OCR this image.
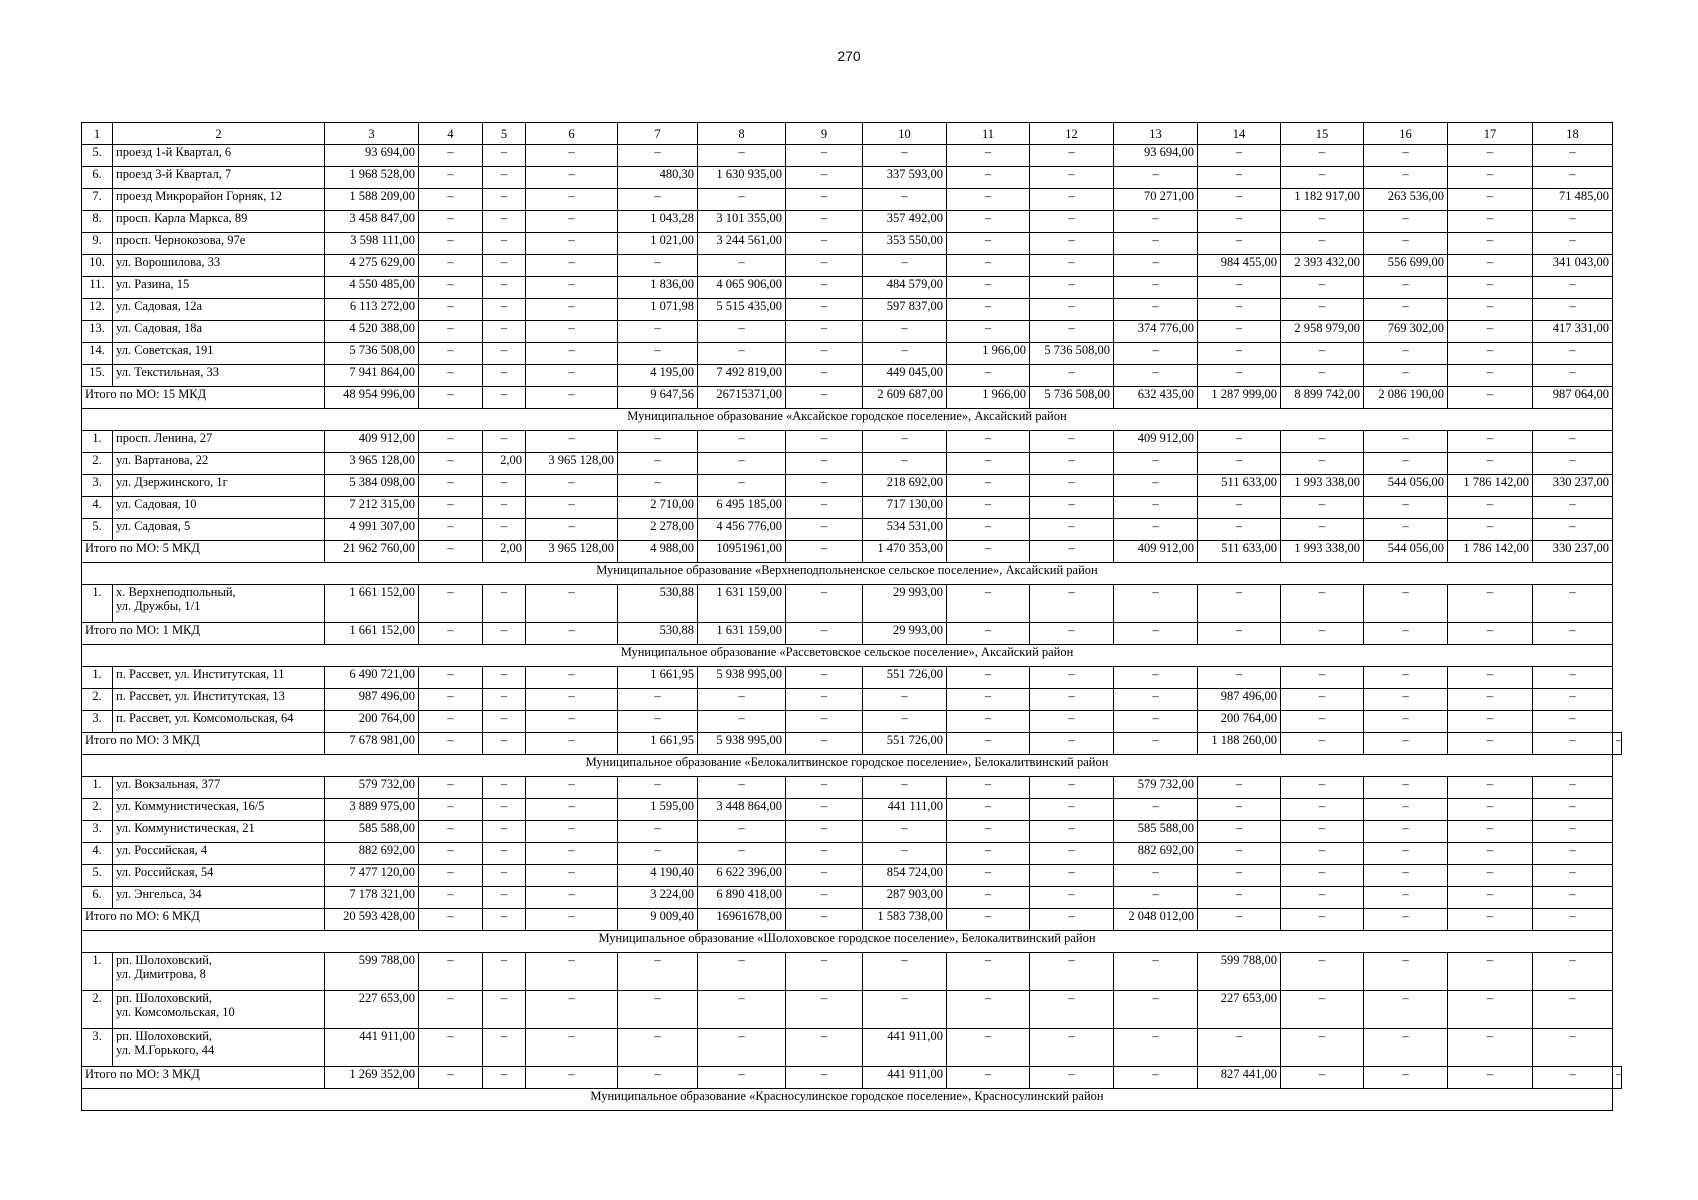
270
1	2	3	4	5	6	7	8	9	10	11	12	13	14	15	16	17	18	
5.	проезд 1-й Квартал, 6	93 694,00	–	–	–	–	–	–	–	–	–	93 694,00	–	–	–	–	–	
6.	проезд 3-й Квартал, 7	1 968 528,00	–	–	–	480,30	1 630 935,00	–	337 593,00	–	–	–	–	–	–	–	–	
7.	проезд Микрорайон Горняк, 12	1 588 209,00	–	–	–	–	–	–	–	–	–	70 271,00	–	1 182 917,00	263 536,00	–	71 485,00	
8.	просп. Карла Маркса, 89	3 458 847,00	–	–	–	1 043,28	3 101 355,00	–	357 492,00	–	–	–	–	–	–	–	–	
9.	просп. Чернокозова, 97е	3 598 111,00	–	–	–	1 021,00	3 244 561,00	–	353 550,00	–	–	–	–	–	–	–	–	
10.	ул. Ворошилова, 33	4 275 629,00	–	–	–	–	–	–	–	–	–	–	984 455,00	2 393 432,00	556 699,00	–	341 043,00	
11.	ул. Разина, 15	4 550 485,00	–	–	–	1 836,00	4 065 906,00	–	484 579,00	–	–	–	–	–	–	–	–	
12.	ул. Садовая, 12а	6 113 272,00	–	–	–	1 071,98	5 515 435,00	–	597 837,00	–	–	–	–	–	–	–	–	
13.	ул. Садовая, 18а	4 520 388,00	–	–	–	–	–	–	–	–	–	374 776,00	–	2 958 979,00	769 302,00	–	417 331,00	
14.	ул. Советская, 191	5 736 508,00	–	–	–	–	–	–	–	1 966,00	5 736 508,00	–	–	–	–	–	–	
15.	ул. Текстильная, 33	7 941 864,00	–	–	–	4 195,00	7 492 819,00	–	449 045,00	–	–	–	–	–	–	–	–	
Итого по МО: 15 МКД		48 954 996,00	–	–	–	9 647,56	26715371,00	–	2 609 687,00	1 966,00	5 736 508,00	632 435,00	1 287 999,00	8 899 742,00	2 086 190,00	–	987 064,00	
Муниципальное образование «Аксайское городское поселение», Аксайский район																		
1.	просп. Ленина, 27	409 912,00	–	–	–	–	–	–	–	–	–	409 912,00	–	–	–	–	–	
2.	ул. Вартанова, 22	3 965 128,00	–	2,00	3 965 128,00	–	–	–	–	–	–	–	–	–	–	–	–	
3.	ул. Дзержинского, 1г	5 384 098,00	–	–	–	–	–	–	218 692,00	–	–	–	511 633,00	1 993 338,00	544 056,00	1 786 142,00	330 237,00	
4.	ул. Садовая, 10	7 212 315,00	–	–	–	2 710,00	6 495 185,00	–	717 130,00	–	–	–	–	–	–	–	–	
5.	ул. Садовая, 5	4 991 307,00	–	–	–	2 278,00	4 456 776,00	–	534 531,00	–	–	–	–	–	–	–	–	
Итого по МО: 5 МКД		21 962 760,00	–	2,00	3 965 128,00	4 988,00	10951961,00	–	1 470 353,00	–	–	409 912,00	511 633,00	1 993 338,00	544 056,00	1 786 142,00	330 237,00	
Муниципальное образование «Верхнеподпольненское сельское поселение», Аксайский район																		
1.	х. Верхнеподпольный,
ул. Дружбы, 1/1	1 661 152,00	–	–	–	530,88	1 631 159,00	–	29 993,00	–	–	–	–	–	–	–	–	
Итого по МО: 1 МКД		1 661 152,00	–	–	–	530,88	1 631 159,00	–	29 993,00	–	–	–	–	–	–	–	–	
Муниципальное образование «Рассветовское сельское поселение», Аксайский район																		
1.	п. Рассвет, ул. Институтская, 11	6 490 721,00	–	–	–	1 661,95	5 938 995,00	–	551 726,00	–	–	–	–	–	–	–	–	
2.	п. Рассвет, ул. Институтская, 13	987 496,00	–	–	–	–	–	–	–	–	–	–	987 496,00	–	–	–	–	
3.	п. Рассвет, ул. Комсомольская, 64	200 764,00	–	–	–	–	–	–	–	–	–	–	200 764,00	–	–	–	–	
Итого по МО: 3 МКД		7 678 981,00	–	–	–	1 661,95	5 938 995,00	–	551 726,00	–	–	–	1 188 260,00	–	–	–	–	–
Муниципальное образование «Белокалитвинское городское поселение», Белокалитвинский район																		
1.	ул. Вокзальная, 377	579 732,00	–	–	–	–	–	–	–	–	–	579 732,00	–	–	–	–	–	
2.	ул. Коммунистическая, 16/5	3 889 975,00	–	–	–	1 595,00	3 448 864,00	–	441 111,00	–	–	–	–	–	–	–	–	
3.	ул. Коммунистическая, 21	585 588,00	–	–	–	–	–	–	–	–	–	585 588,00	–	–	–	–	–	
4.	ул. Российская, 4	882 692,00	–	–	–	–	–	–	–	–	–	882 692,00	–	–	–	–	–	
5.	ул. Российская, 54	7 477 120,00	–	–	–	4 190,40	6 622 396,00	–	854 724,00	–	–	–	–	–	–	–	–	
6.	ул. Энгельса, 34	7 178 321,00	–	–	–	3 224,00	6 890 418,00	–	287 903,00	–	–	–	–	–	–	–	–	
Итого по МО: 6 МКД		20 593 428,00	–	–	–	9 009,40	16961678,00	–	1 583 738,00	–	–	2 048 012,00	–	–	–	–	–	
Муниципальное образование «Шолоховское городское поселение», Белокалитвинский район																		
1.	рп. Шолоховский,
ул. Димитрова, 8	599 788,00	–	–	–	–	–	–	–	–	–	–	599 788,00	–	–	–	–	
2.	рп. Шолоховский,
ул. Комсомольская, 10	227 653,00	–	–	–	–	–	–	–	–	–	–	227 653,00	–	–	–	–	
3.	рп. Шолоховский,
ул. М.Горького, 44	441 911,00	–	–	–	–	–	–	441 911,00	–	–	–	–	–	–	–	–	
Итого по МО: 3 МКД		1 269 352,00	–	–	–	–	–	–	441 911,00	–	–	–	827 441,00	–	–	–	–	–
Муниципальное образование «Красносулинское городское поселение», Красносулинский район																		
